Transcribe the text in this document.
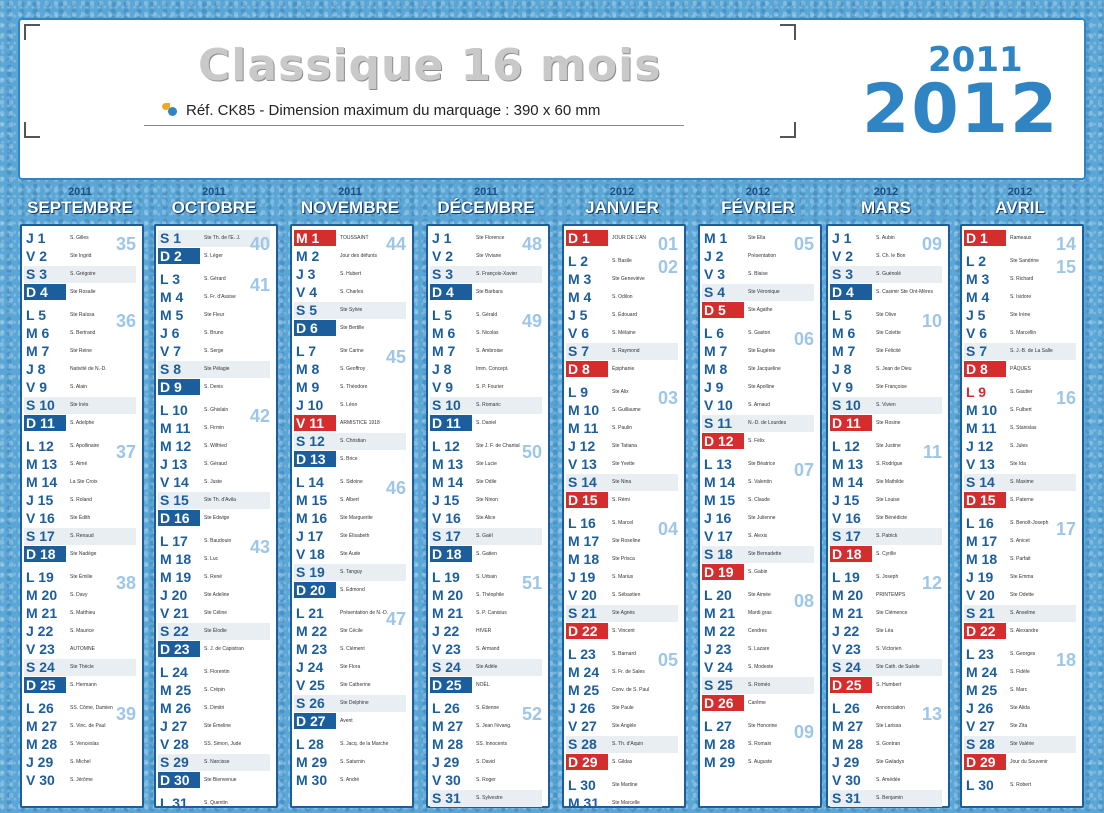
Classique 16 mois
Réf. CK85 - Dimension maximum du marquage : 390 x 60 mm
2011
2012
2011
SEPTEMBRE
J 1	S. Gilles 35
V 2	Ste Ingrid
S 3	S. Grégoire
D 4	Ste Rosalie
L 5	Ste Raïssa 36
M 6	S. Bertrand
M 7	Ste Reine
J 8	Nativité de N.-D.
V 9	S. Alain
S 10	Ste Inès
D 11	S. Adelphe
L 12	S. Apollinaire 37
M 13	S. Aimé
M 14	La Ste Croix
J 15	S. Roland
V 16	Ste Édith
S 17	S. Renaud
D 18	Ste Nadège
L 19	Ste Émilie 38
M 20	S. Davy
M 21	S. Matthieu
J 22	S. Maurice
V 23	AUTOMNE
S 24	Ste Thècle
D 25	S. Hermann
L 26	SS. Côme, Damien 39
M 27	S. Vinc. de Paul
M 28	S. Venceslas
J 29	S. Michel
V 30	S. Jérôme
2011
OCTOBRE
S 1	Ste Th. de l'E. J. 40
D 2	S. Léger
L 3	S. Gérard 41
M 4	S. Fr. d'Assise
M 5	Ste Fleur
J 6	S. Bruno
V 7	S. Serge
S 8	Ste Pélagie
D 9	S. Denis
L 10	S. Ghislain 42
M 11	S. Firmin
M 12	S. Wilfried
J 13	S. Géraud
V 14	S. Juste
S 15	Ste Th. d'Avila
D 16	Ste Edwige
L 17	S. Baudouin 43
M 18	S. Luc
M 19	S. René
J 20	Ste Adeline
V 21	Ste Céline
S 22	Ste Élodie
D 23	S. J. de Capistran
L 24	S. Florentin
M 25	S. Crépin
M 26	S. Dimitri
J 27	Ste Émeline
V 28	SS. Simon, Jude
S 29	S. Narcisse
D 30	Ste Bienvenue
L 31	S. Quentin
2011
NOVEMBRE
M 1	TOUSSAINT 44
M 2	Jour des défunts
J 3	S. Hubert
V 4	S. Charles
S 5	Ste Sylvie
D 6	Ste Bertille
L 7	Ste Carine 45
M 8	S. Geoffroy
M 9	S. Théodore
J 10	S. Léon
V 11	ARMISTICE 1918
S 12	S. Christian
D 13	S. Brice
L 14	S. Sidoine 46
M 15	S. Albert
M 16	Ste Marguerite
J 17	Ste Élisabeth
V 18	Ste Aude
S 19	S. Tanguy
D 20	S. Edmond
L 21	Présentation de N.-D.
47
M 22	Ste Cécile
M 23	S. Clément
J 24	Ste Flora
V 25	Ste Catherine
S 26	Ste Delphine
D 27	Avent
L 28	S. Jacq. de la Marche
M 29	S. Saturnin
M 30	S. André
2011
DÉCEMBRE
J 1	Ste Florence 48
V 2	Ste Viviane
S 3	S. François-Xavier
D 4	Ste Barbara
L 5	S. Gérald 49
M 6	S. Nicolas
M 7	S. Ambroise
J 8	Imm. Concept.
V 9	S. P. Fourier
S 10	S. Romaric
D 11	S. Daniel
L 12	Ste J. F. de Chantal 50
M 13	Ste Lucie
M 14	Ste Odile
J 15	Ste Ninon
V 16	Ste Alice
S 17	S. Gaël
D 18	S. Gatien
L 19	S. Urbain 51
M 20	S. Théophile
M 21	S. P. Canisius
J 22	HIVER
V 23	S. Armand
S 24	Ste Adèle
D 25	NOËL
L 26	S. Étienne 52
M 27	S. Jean l'évang.
M 28	SS. Innocents
J 29	S. David
V 30	S. Roger
S 31	S. Sylvestre
2012
JANVIER
D 1	JOUR DE L'AN 01
L 2	S. Basile 02
M 3	Ste Geneviève
M 4	S. Odilon
J 5	S. Édouard
V 6	S. Mélaine
S 7	S. Raymond
D 8	Épiphanie
L 9	Ste Alix 03
M 10	S. Guillaume
M 11	S. Paulin
J 12	Ste Tatiana
V 13	Ste Yvette
S 14	Ste Nina
D 15	S. Rémi
L 16	S. Marcel 04
M 17	Ste Roseline
M 18	Ste Prisca
J 19	S. Marius
V 20	S. Sébastien
S 21	Ste Agnès
D 22	S. Vincent
L 23	S. Barnard 05
M 24	S. Fr. de Sales
M 25	Conv. de S. Paul
J 26	Ste Paule
V 27	Ste Angèle
S 28	S. Th. d'Aquin
D 29	S. Gildas
L 30	Ste Martine
M 31	Ste Marcelle
2012
FÉVRIER
M 1	Ste Ella 05
J 2	Présentation
V 3	S. Blaise
S 4	Ste Véronique
D 5	Ste Agathe
L 6	S. Gaston 06
M 7	Ste Eugénie
M 8	Ste Jacqueline
J 9	Ste Apolline
V 10	S. Arnaud
S 11	N.-D. de Lourdes
D 12	S. Félix
L 13	Ste Béatrice 07
M 14	S. Valentin
M 15	S. Claude
J 16	Ste Julienne
V 17	S. Alexis
S 18	Ste Bernadette
D 19	S. Gabin
L 20	Ste Aimée 08
M 21	Mardi gras
M 22	Cendres
J 23	S. Lazare
V 24	S. Modeste
S 25	S. Roméo
D 26	Carême
L 27	Ste Honorine 09
M 28	S. Romain
M 29	S. Auguste
2012
MARS
J 1	S. Aubin 09
V 2	S. Ch. le Bon
S 3	S. Guénolé
D 4	S. Casimir Ste Ont-Mères
L 5	Ste Olive 10
M 6	Ste Colette
M 7	Ste Félicité
J 8	S. Jean de Dieu
V 9	Ste Françoise
S 10	S. Vivien
D 11	Ste Rosine
L 12	Ste Justine 11
M 13	S. Rodrigue
M 14	Ste Mathilde
J 15	Ste Louise
V 16	Ste Bénédicte
S 17	S. Patrick
D 18	S. Cyrille
L 19	S. Joseph 12
M 20	PRINTEMPS
M 21	Ste Clémence
J 22	Ste Léa
V 23	S. Victorien
S 24	Ste Cath. de Suède
D 25	S. Humbert
L 26	Annonciation 13
M 27	Ste Larissa
M 28	S. Gontran
J 29	Ste Gwladys
V 30	S. Amédée
S 31	S. Benjamin
2012
AVRIL
D 1	Rameaux 14
L 2	Ste Sandrine 15
M 3	S. Richard
M 4	S. Isidore
J 5	Ste Irène
V 6	S. Marcellin
S 7	S. J.-B. de La Salle
D 8	PÂQUES
L 9	S. Gautier 16
M 10	S. Fulbert
M 11	S. Stanislas
J 12	S. Jules
V 13	Ste Ida
S 14	S. Maxime
D 15	S. Paterne
L 16	S. Benoît-Joseph 17
M 17	S. Anicet
M 18	S. Parfait
J 19	Ste Emma
V 20	Ste Odette
S 21	S. Anselme
D 22	S. Alexandre
L 23	S. Georges 18
M 24	S. Fidèle
M 25	S. Marc
J 26	Ste Alida
V 27	Ste Zita
S 28	Ste Valérie
D 29	Jour du Souvenir
L 30	S. Robert
